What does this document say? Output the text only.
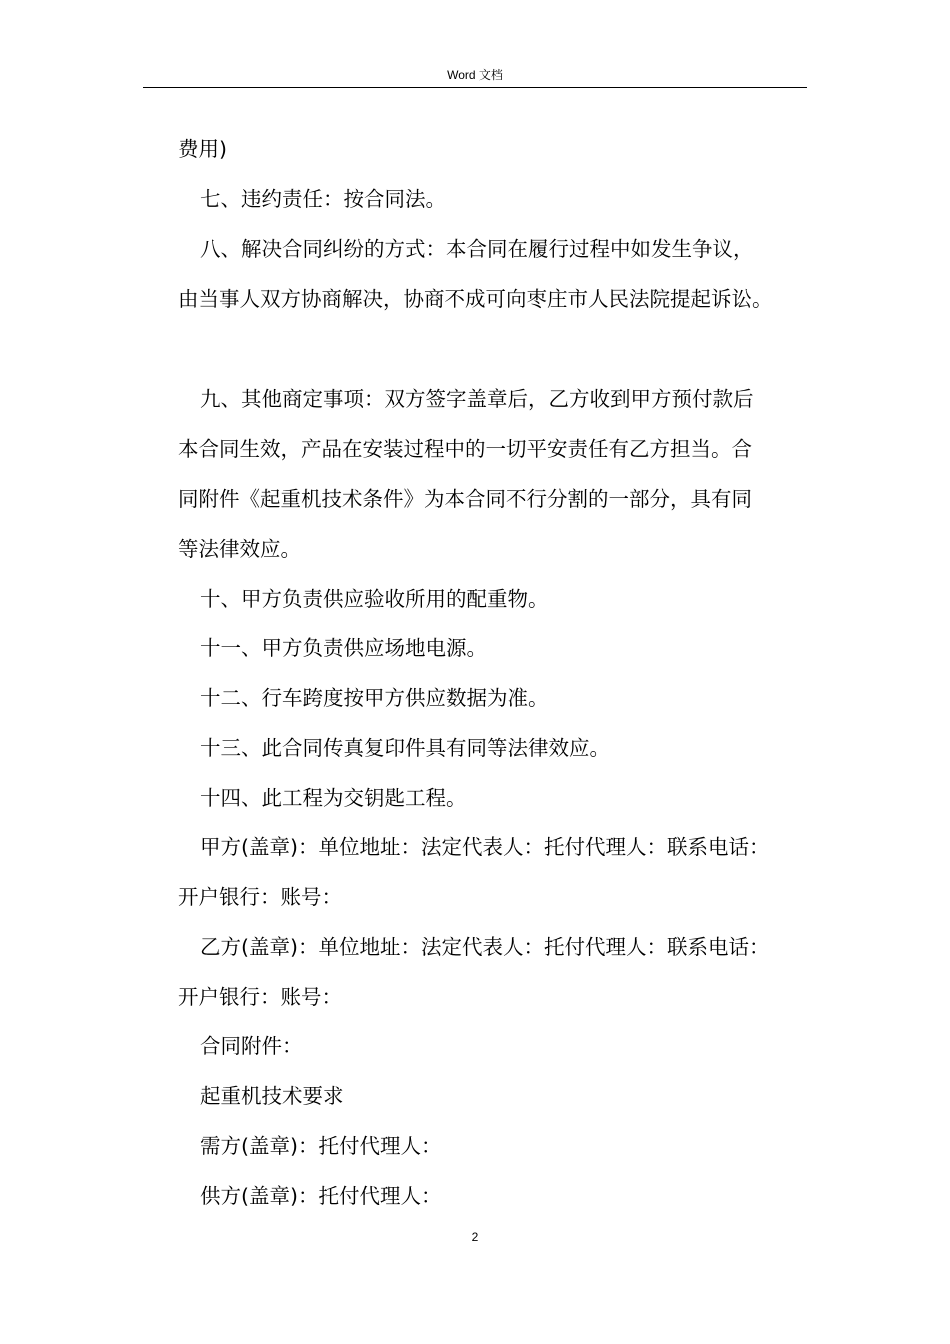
Word 文档
费用)
七、违约责任：按合同法。
八、解决合同纠纷的方式：本合同在履行过程中如发生争议，
由当事人双方协商解决，协商不成可向枣庄市人民法院提起诉讼。
九、其他商定事项：双方签字盖章后，乙方收到甲方预付款后
本合同生效，产品在安装过程中的一切平安责任有乙方担当。合
同附件《起重机技术条件》为本合同不行分割的一部分，具有同
等法律效应。
十、甲方负责供应验收所用的配重物。
十一、甲方负责供应场地电源。
十二、行车跨度按甲方供应数据为准。
十三、此合同传真复印件具有同等法律效应。
十四、此工程为交钥匙工程。
甲方(盖章)：单位地址：法定代表人：托付代理人：联系电话：
开户银行：账号：
乙方(盖章)：单位地址：法定代表人：托付代理人：联系电话：
开户银行：账号：
合同附件：
起重机技术要求
需方(盖章)：托付代理人：
供方(盖章)：托付代理人：
2
